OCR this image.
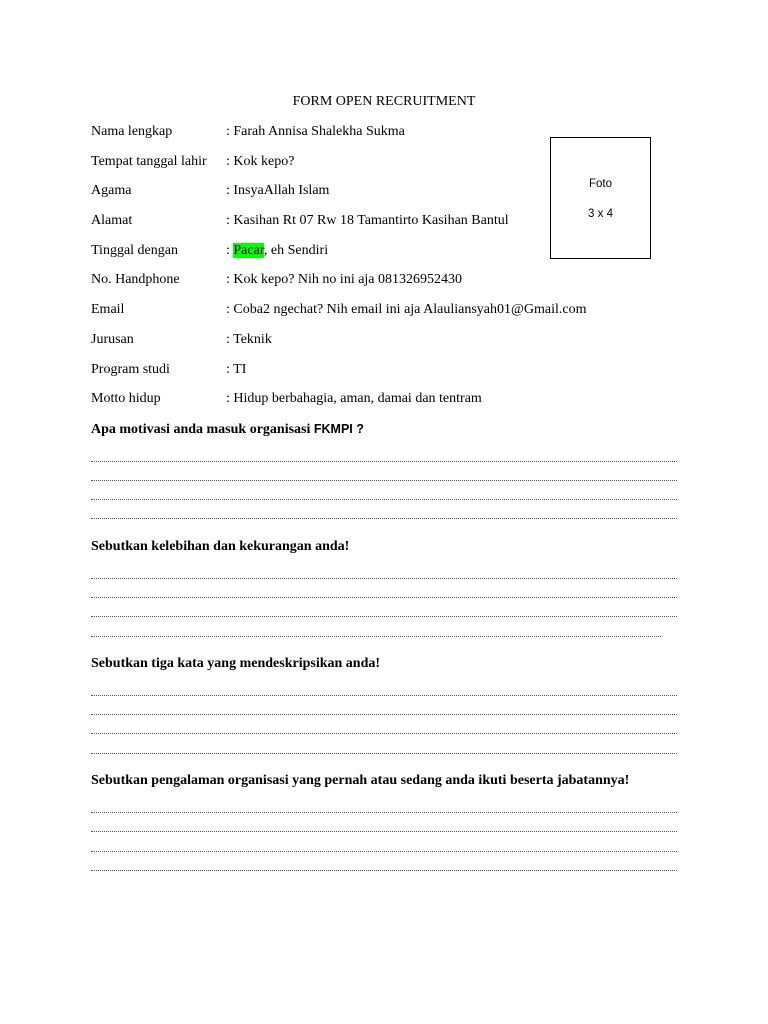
FORM OPEN RECRUITMENT
Nama lengkap	: Farah Annisa Shalekha Sukma
Tempat tanggal lahir : Kok kepo?
Agama	: InsyaAllah Islam
Alamat	: Kasihan Rt 07 Rw 18 Tamantirto Kasihan Bantul
Tinggal dengan	: Pacar, eh Sendiri
No. Handphone	: Kok kepo? Nih no ini aja 081326952430
Email	: Coba2 ngechat? Nih email ini aja Alauliansyah01@Gmail.com
Jurusan	: Teknik
Program studi	: TI
Motto hidup	: Hidup berbahagia, aman, damai dan tentram
Foto
3 x 4
Apa motivasi anda masuk organisasi FKMPI ?
Sebutkan kelebihan dan kekurangan anda!
Sebutkan tiga kata yang mendeskripsikan anda!
Sebutkan pengalaman organisasi yang pernah atau sedang anda ikuti beserta jabatannya!
